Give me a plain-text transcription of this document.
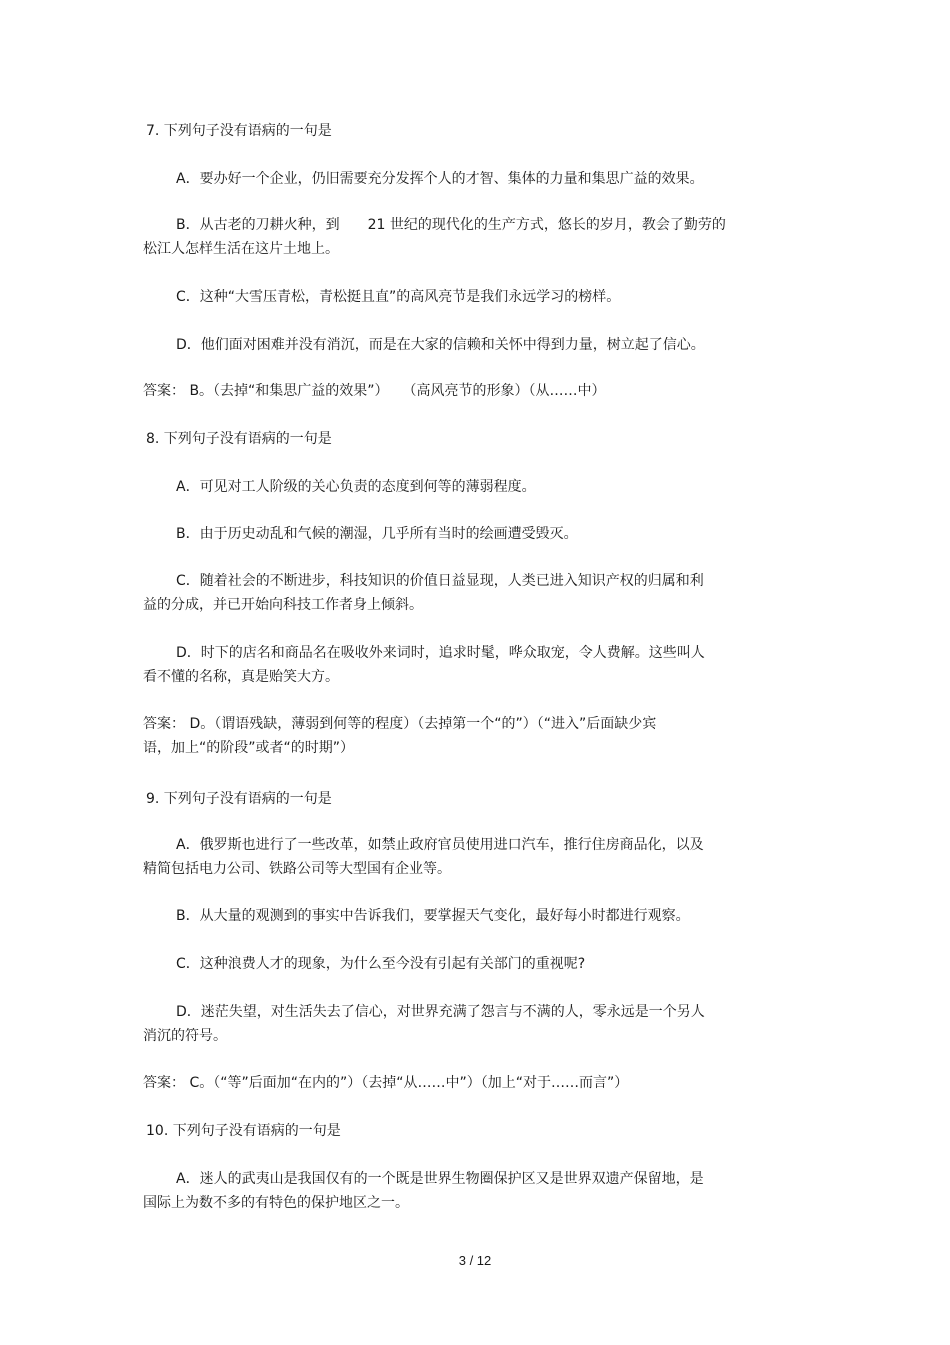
7. 下列句子没有语病的一句是
A．要办好一个企业，仍旧需要充分发挥个人的才智、集体的力量和集思广益的效果。
B．从古老的刀耕火种，到　　21 世纪的现代化的生产方式，悠长的岁月，教会了勤劳的
松江人怎样生活在这片土地上。
C．这种“大雪压青松，青松挺且直”的高风亮节是我们永远学习的榜样。
D．他们面对困难并没有消沉，而是在大家的信赖和关怀中得到力量，树立起了信心。
答案： B。（去掉“和集思广益的效果”）　　（高风亮节的形象）（从……中）
8. 下列句子没有语病的一句是
A．可见对工人阶级的关心负责的态度到何等的薄弱程度。
B．由于历史动乱和气候的潮湿，几乎所有当时的绘画遭受毁灭。
C．随着社会的不断进步，科技知识的价值日益显现，人类已进入知识产权的归属和利
益的分成，并已开始向科技工作者身上倾斜。
D．时下的店名和商品名在吸收外来词时，追求时髦，哗众取宠，令人费解。这些叫人
看不懂的名称，真是贻笑大方。
答案： D。（谓语残缺，薄弱到何等的程度）（去掉第一个“的”）（“进入”后面缺少宾
语，加上“的阶段”或者“的时期”）
9. 下列句子没有语病的一句是
A．俄罗斯也进行了一些改革，如禁止政府官员使用进口汽车，推行住房商品化，以及
精简包括电力公司、铁路公司等大型国有企业等。
B．从大量的观测到的事实中告诉我们，要掌握天气变化，最好每小时都进行观察。
C．这种浪费人才的现象，为什么至今没有引起有关部门的重视呢?
D．迷茫失望，对生活失去了信心，对世界充满了怨言与不满的人，零永远是一个另人
消沉的符号。
答案： C。（“等”后面加“在内的”）（去掉“从……中”）（加上“对于……而言”）
10. 下列句子没有语病的一句是
A．迷人的武夷山是我国仅有的一个既是世界生物圈保护区又是世界双遗产保留地，是
国际上为数不多的有特色的保护地区之一。
3 / 12
